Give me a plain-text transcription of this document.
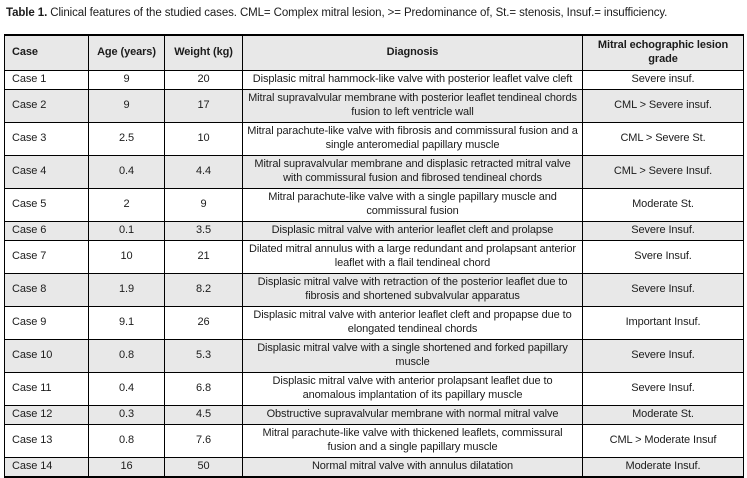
Table 1. Clinical features of the studied cases. CML= Complex mitral lesion, >= Predominance of, St.= stenosis, Insuf.= insufficiency.
Case	Age (years)	Weight (kg)	Diagnosis	Mitral echographic lesion grade
Case 1	9	20	Displasic mitral hammock-like valve with posterior leaflet valve cleft	Severe insuf.
Case 2	9	17	Mitral supravalvular membrane with posterior leaflet tendineal chords fusion to left ventricle wall	CML > Severe insuf.
Case 3	2.5	10	Mitral parachute-like valve with fibrosis and commissural fusion and a single anteromedial papillary muscle	CML > Severe St.
Case 4	0.4	4.4	Mitral supravalvular membrane and displasic retracted mitral valve with commissural fusion and fibrosed tendineal chords	CML > Severe Insuf.
Case 5	2	9	Mitral parachute-like valve with a single papillary muscle and commissural fusion	Moderate St.
Case 6	0.1	3.5	Displasic mitral valve with anterior leaflet cleft and prolapse	Severe Insuf.
Case 7	10	21	Dilated mitral annulus with a large redundant and prolapsant anterior leaflet with a flail tendineal chord	Svere Insuf.
Case 8	1.9	8.2	Displasic mitral valve with retraction of the posterior leaflet due to fibrosis and shortened subvalvular apparatus	Severe Insuf.
Case 9	9.1	26	Displasic mitral valve with anterior leaflet cleft and propapse due to elongated tendineal chords	Important Insuf.
Case 10	0.8	5.3	Displasic mitral valve with a single shortened and forked papillary muscle	Severe Insuf.
Case 11	0.4	6.8	Displasic mitral valve with anterior prolapsant leaflet due to anomalous implantation of its papillary muscle	Severe Insuf.
Case 12	0.3	4.5	Obstructive supravalvular membrane with normal mitral valve	Moderate St.
Case 13	0.8	7.6	Mitral parachute-like valve with thickened leaflets, commissural fusion and a single papillary muscle	CML > Moderate Insuf
Case 14	16	50	Normal mitral valve with annulus dilatation	Moderate Insuf.
